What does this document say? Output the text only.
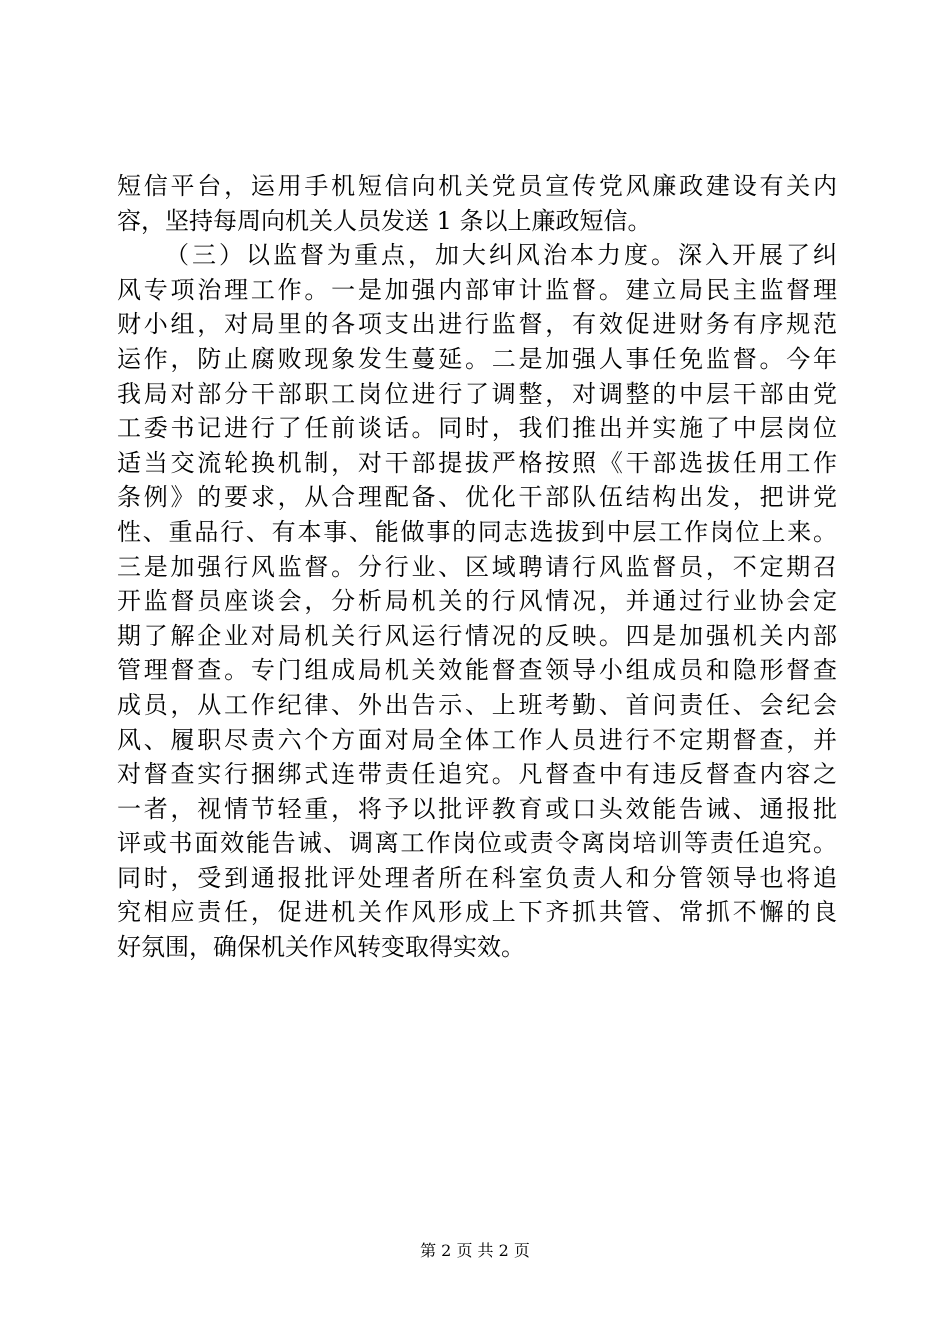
短信平台，运用手机短信向机关党员宣传党风廉政建设有关内
容，坚持每周向机关人员发送 1 条以上廉政短信。
（三）以监督为重点，加大纠风治本力度。深入开展了纠
风专项治理工作。一是加强内部审计监督。建立局民主监督理
财小组，对局里的各项支出进行监督，有效促进财务有序规范
运作，防止腐败现象发生蔓延。二是加强人事任免监督。今年
我局对部分干部职工岗位进行了调整，对调整的中层干部由党
工委书记进行了任前谈话。同时，我们推出并实施了中层岗位
适当交流轮换机制，对干部提拔严格按照《干部选拔任用工作
条例》的要求，从合理配备、优化干部队伍结构出发，把讲党
性、重品行、有本事、能做事的同志选拔到中层工作岗位上来。
三是加强行风监督。分行业、区域聘请行风监督员，不定期召
开监督员座谈会，分析局机关的行风情况，并通过行业协会定
期了解企业对局机关行风运行情况的反映。四是加强机关内部
管理督查。专门组成局机关效能督查领导小组成员和隐形督查
成员，从工作纪律、外出告示、上班考勤、首问责任、会纪会
风、履职尽责六个方面对局全体工作人员进行不定期督查，并
对督查实行捆绑式连带责任追究。凡督查中有违反督查内容之
一者，视情节轻重，将予以批评教育或口头效能告诫、通报批
评或书面效能告诫、调离工作岗位或责令离岗培训等责任追究。
同时，受到通报批评处理者所在科室负责人和分管领导也将追
究相应责任，促进机关作风形成上下齐抓共管、常抓不懈的良
好氛围，确保机关作风转变取得实效。
第 2 页 共 2 页
